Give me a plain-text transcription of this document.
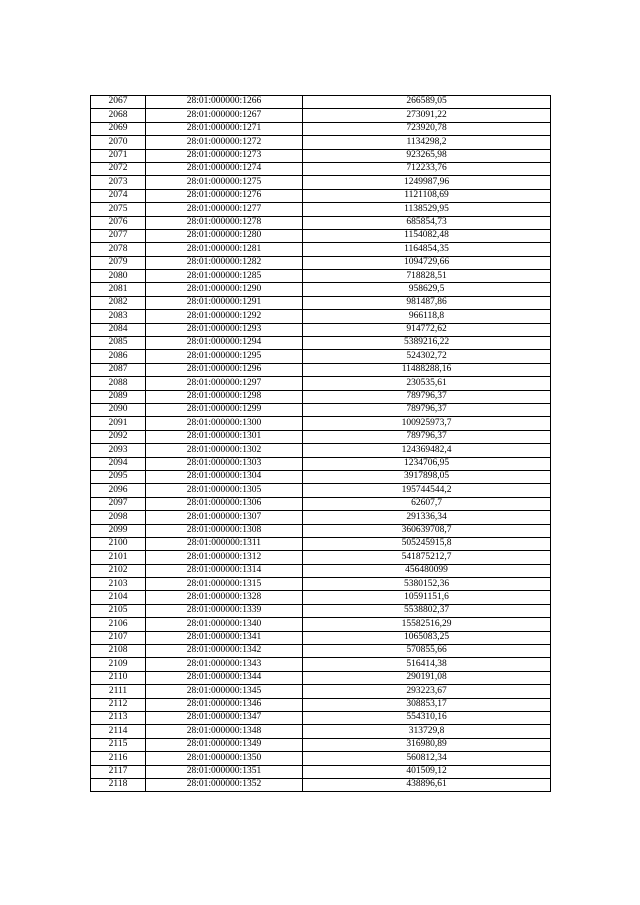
2067	28:01:000000:1266	266589,05
2068	28:01:000000:1267	273091,22
2069	28:01:000000:1271	723920,78
2070	28:01:000000:1272	1134298,2
2071	28:01:000000:1273	923265,98
2072	28:01:000000:1274	712233,76
2073	28:01:000000:1275	1249987,96
2074	28:01:000000:1276	1121108,69
2075	28:01:000000:1277	1138529,95
2076	28:01:000000:1278	685854,73
2077	28:01:000000:1280	1154082,48
2078	28:01:000000:1281	1164854,35
2079	28:01:000000:1282	1094729,66
2080	28:01:000000:1285	718828,51
2081	28:01:000000:1290	958629,5
2082	28:01:000000:1291	981487,86
2083	28:01:000000:1292	966118,8
2084	28:01:000000:1293	914772,62
2085	28:01:000000:1294	5389216,22
2086	28:01:000000:1295	524302,72
2087	28:01:000000:1296	11488288,16
2088	28:01:000000:1297	230535,61
2089	28:01:000000:1298	789796,37
2090	28:01:000000:1299	789796,37
2091	28:01:000000:1300	100925973,7
2092	28:01:000000:1301	789796,37
2093	28:01:000000:1302	124369482,4
2094	28:01:000000:1303	1234706,95
2095	28:01:000000:1304	3917898,05
2096	28:01:000000:1305	195744544,2
2097	28:01:000000:1306	62607,7
2098	28:01:000000:1307	291336,34
2099	28:01:000000:1308	360639708,7
2100	28:01:000000:1311	505245915,8
2101	28:01:000000:1312	541875212,7
2102	28:01:000000:1314	456480099
2103	28:01:000000:1315	5380152,36
2104	28:01:000000:1328	10591151,6
2105	28:01:000000:1339	5538802,37
2106	28:01:000000:1340	15582516,29
2107	28:01:000000:1341	1065083,25
2108	28:01:000000:1342	570855,66
2109	28:01:000000:1343	516414,38
2110	28:01:000000:1344	290191,08
2111	28:01:000000:1345	293223,67
2112	28:01:000000:1346	308853,17
2113	28:01:000000:1347	554310,16
2114	28:01:000000:1348	313729,8
2115	28:01:000000:1349	316980,89
2116	28:01:000000:1350	560812,34
2117	28:01:000000:1351	401509,12
2118	28:01:000000:1352	438896,61
